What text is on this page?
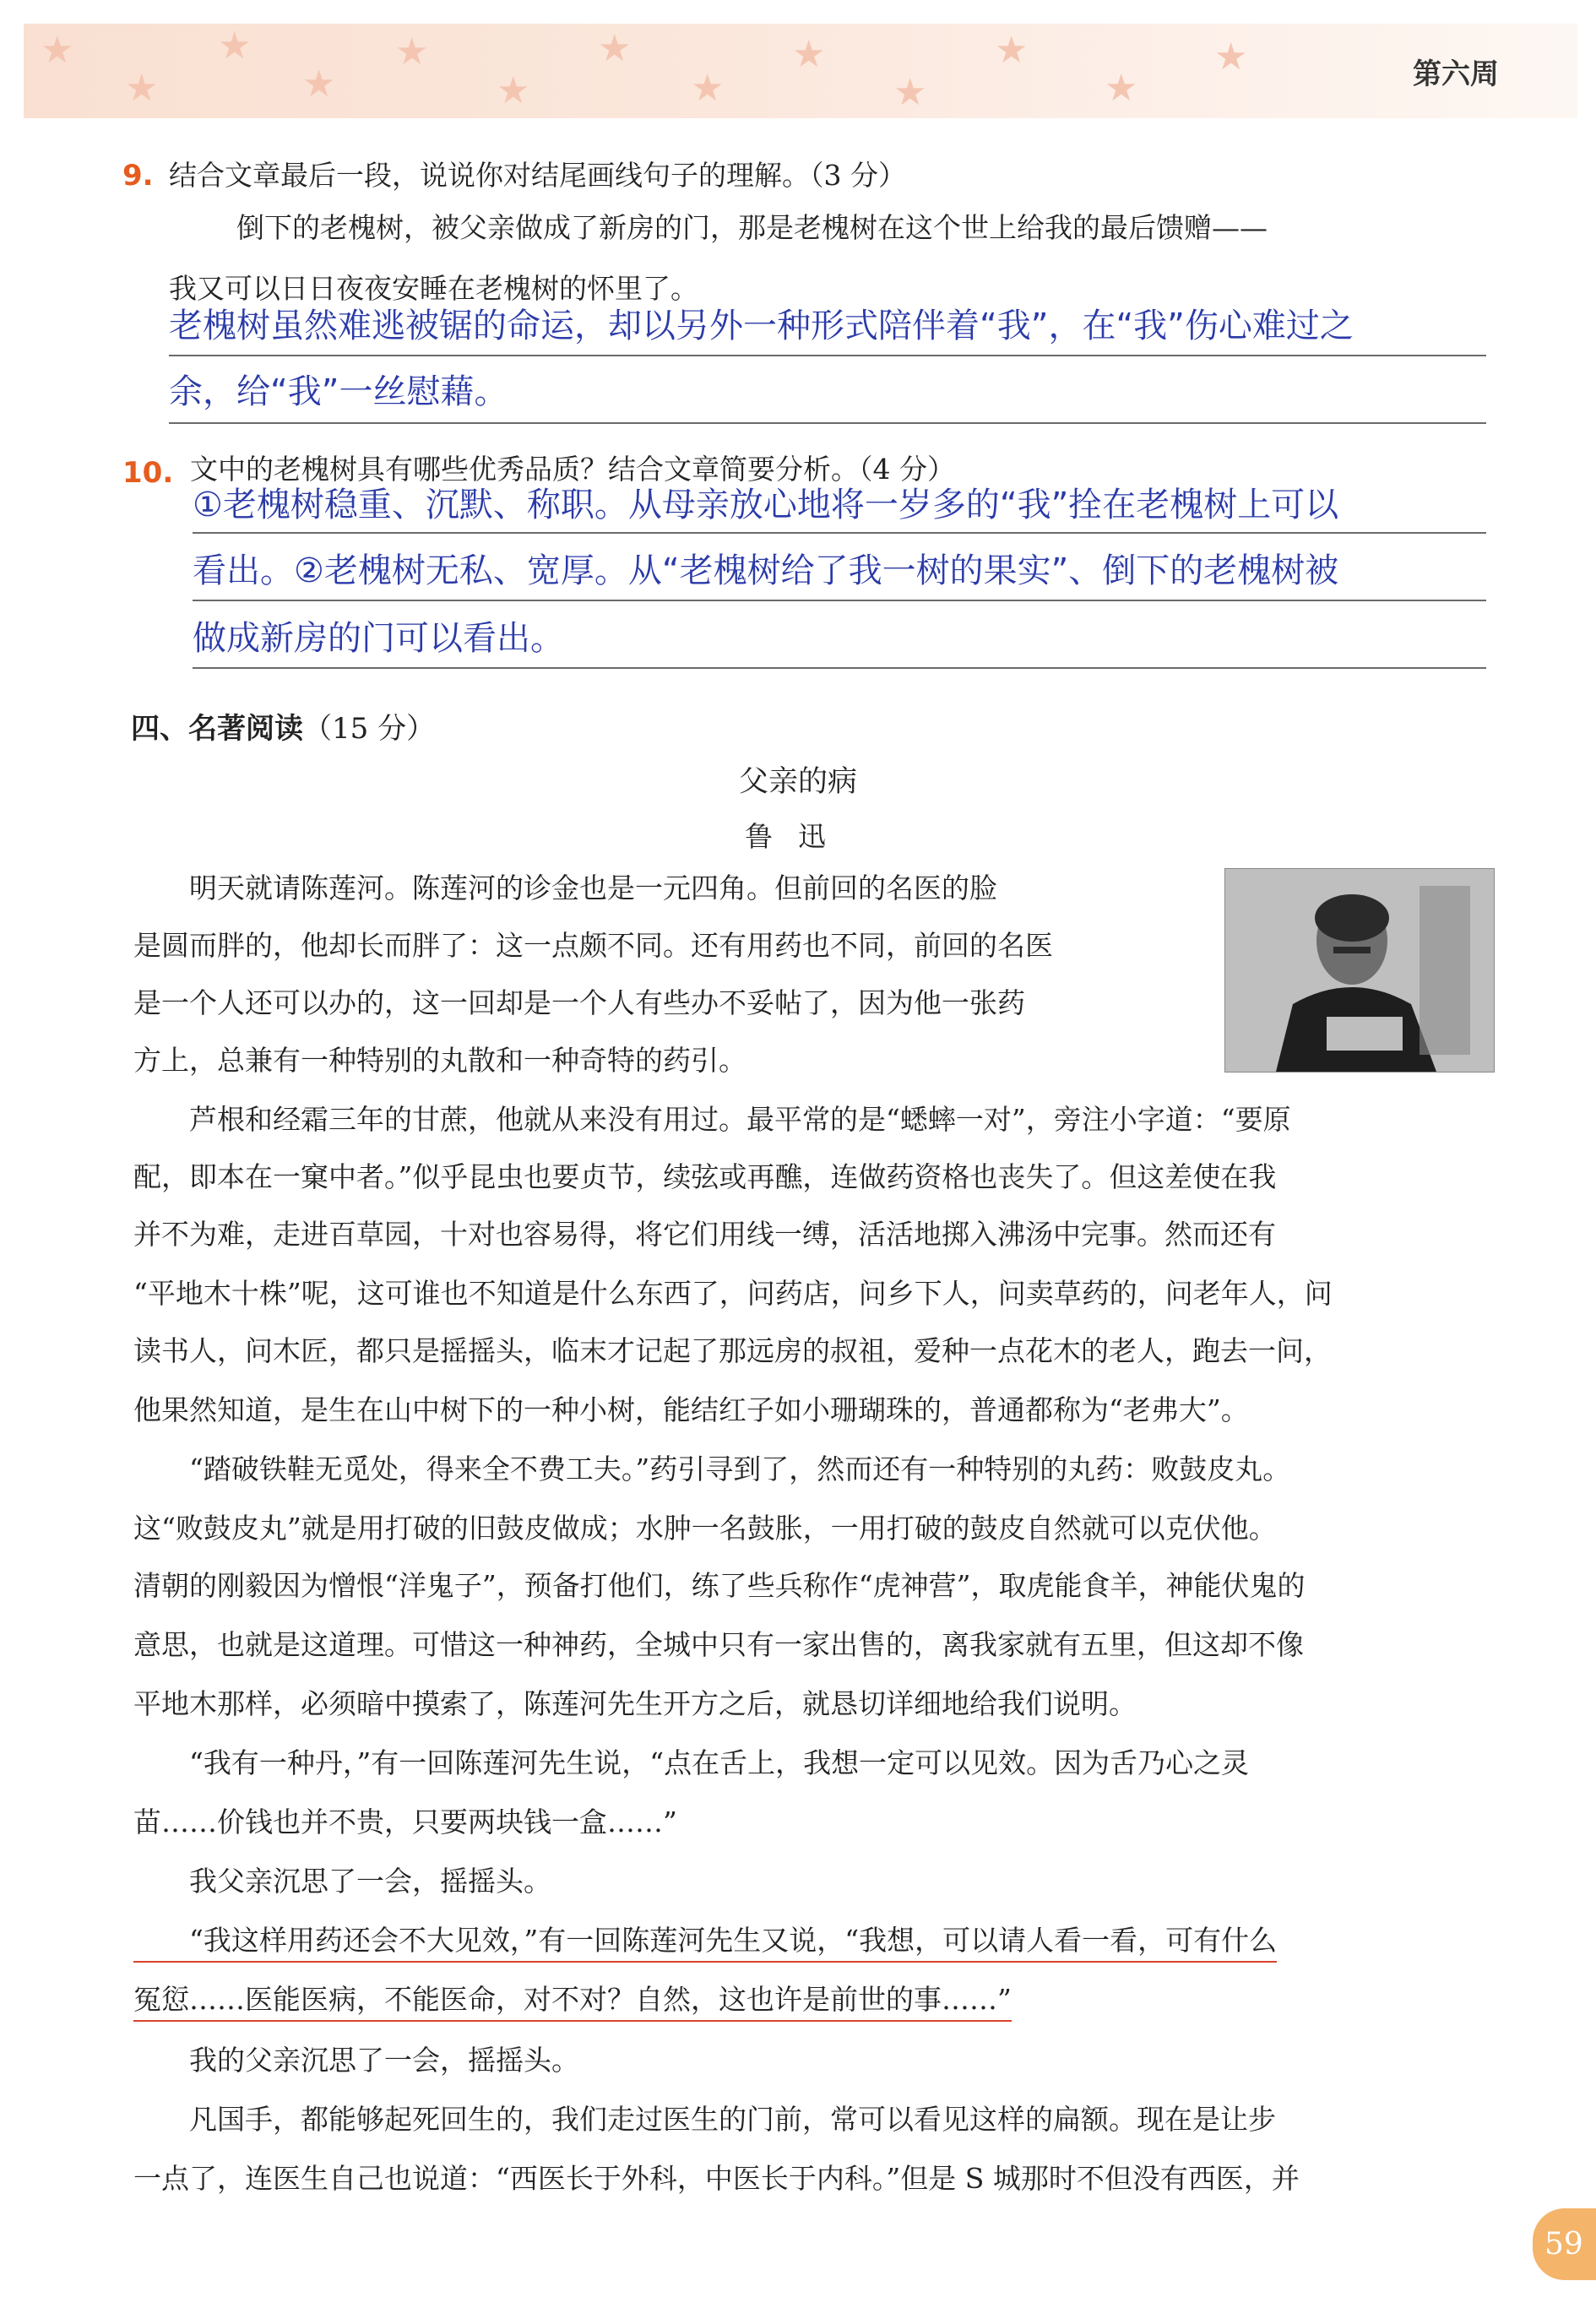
★
★
★
★
★
★
★
★
★
★
★
★
★	第六周
9. 结合文章最后一段，说说你对结尾画线句子的理解。（3 分）
倒下的老槐树，被父亲做成了新房的门，那是老槐树在这个世上给我的最后馈赠——
我又可以日日夜夜安睡在老槐树的怀里了。
老槐树虽然难逃被锯的命运，却以另外一种形式陪伴着“我”，在“我”伤心难过之
余，给“我”一丝慰藉。
10. 文中的老槐树具有哪些优秀品质？结合文章简要分析。（4 分）
①老槐树稳重、沉默、称职。从母亲放心地将一岁多的“我”拴在老槐树上可以
看出。②老槐树无私、宽厚。从“老槐树给了我一树的果实”、倒下的老槐树被
做成新房的门可以看出。
四、名著阅读（15 分）
父亲的病
鲁迅
　　明天就请陈莲河。陈莲河的诊金也是一元四角。但前回的名医的脸
是圆而胖的，他却长而胖了：这一点颇不同。还有用药也不同，前回的名医
是一个人还可以办的，这一回却是一个人有些办不妥帖了，因为他一张药
方上，总兼有一种特别的丸散和一种奇特的药引。
　　芦根和经霜三年的甘蔗，他就从来没有用过。最平常的是“蟋蟀一对”，旁注小字道：“要原
配，即本在一窠中者。”似乎昆虫也要贞节，续弦或再醮，连做药资格也丧失了。但这差使在我
并不为难，走进百草园，十对也容易得，将它们用线一缚，活活地掷入沸汤中完事。然而还有
“平地木十株”呢，这可谁也不知道是什么东西了，问药店，问乡下人，问卖草药的，问老年人，问
读书人，问木匠，都只是摇摇头，临末才记起了那远房的叔祖，爱种一点花木的老人，跑去一问，
他果然知道，是生在山中树下的一种小树，能结红子如小珊瑚珠的，普通都称为“老弗大”。
　　“踏破铁鞋无觅处，得来全不费工夫。”药引寻到了，然而还有一种特别的丸药：败鼓皮丸。
这“败鼓皮丸”就是用打破的旧鼓皮做成；水肿一名鼓胀，一用打破的鼓皮自然就可以克伏他。
清朝的刚毅因为憎恨“洋鬼子”，预备打他们，练了些兵称作“虎神营”，取虎能食羊，神能伏鬼的
意思，也就是这道理。可惜这一种神药，全城中只有一家出售的，离我家就有五里，但这却不像
平地木那样，必须暗中摸索了，陈莲河先生开方之后，就恳切详细地给我们说明。
　　“我有一种丹，”有一回陈莲河先生说，“点在舌上，我想一定可以见效。因为舌乃心之灵
苗……价钱也并不贵，只要两块钱一盒……”
　　我父亲沉思了一会，摇摇头。
　　“我这样用药还会不大见效，”有一回陈莲河先生又说，“我想，可以请人看一看，可有什么
冤愆……医能医病，不能医命，对不对？自然，这也许是前世的事……”
　　我的父亲沉思了一会，摇摇头。
　　凡国手，都能够起死回生的，我们走过医生的门前，常可以看见这样的扁额。现在是让步
一点了，连医生自己也说道：“西医长于外科，中医长于内科。”但是 S 城那时不但没有西医，并
59
